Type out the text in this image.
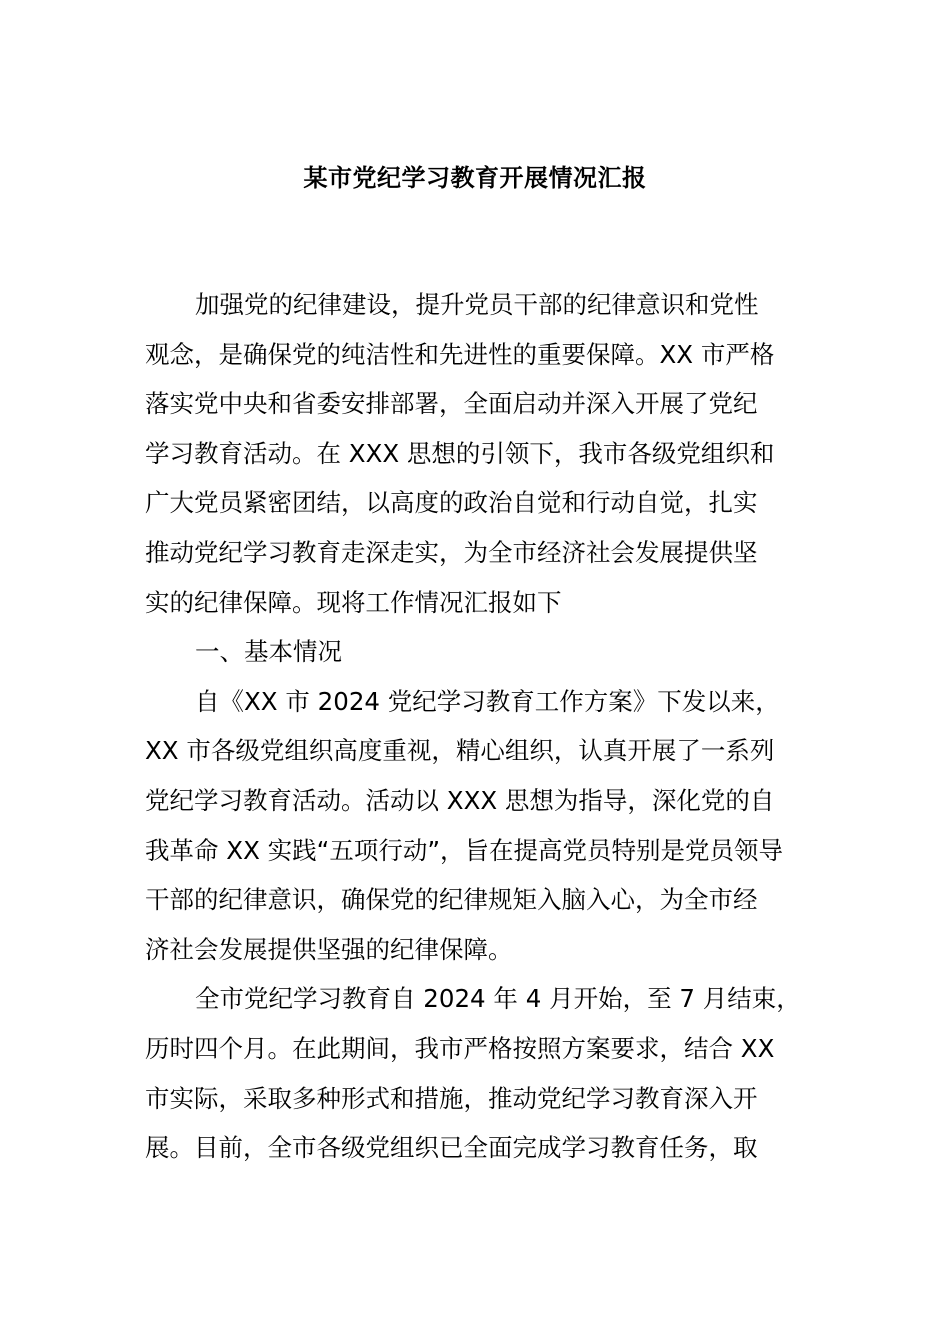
某市党纪学习教育开展情况汇报
加强党的纪律建设，提升党员干部的纪律意识和党性
观念，是确保党的纯洁性和先进性的重要保障。XX 市严格
落实党中央和省委安排部署，全面启动并深入开展了党纪
学习教育活动。在 XXX 思想的引领下，我市各级党组织和
广大党员紧密团结，以高度的政治自觉和行动自觉，扎实
推动党纪学习教育走深走实，为全市经济社会发展提供坚
实的纪律保障。现将工作情况汇报如下
一、基本情况
自《XX 市 2024 党纪学习教育工作方案》下发以来，
XX 市各级党组织高度重视，精心组织，认真开展了一系列
党纪学习教育活动。活动以 XXX 思想为指导，深化党的自
我革命 XX 实践“五项行动”，旨在提高党员特别是党员领导
干部的纪律意识，确保党的纪律规矩入脑入心，为全市经
济社会发展提供坚强的纪律保障。
全市党纪学习教育自 2024 年 4 月开始，至 7 月结束，
历时四个月。在此期间，我市严格按照方案要求，结合 XX
市实际，采取多种形式和措施，推动党纪学习教育深入开
展。目前，全市各级党组织已全面完成学习教育任务，取
